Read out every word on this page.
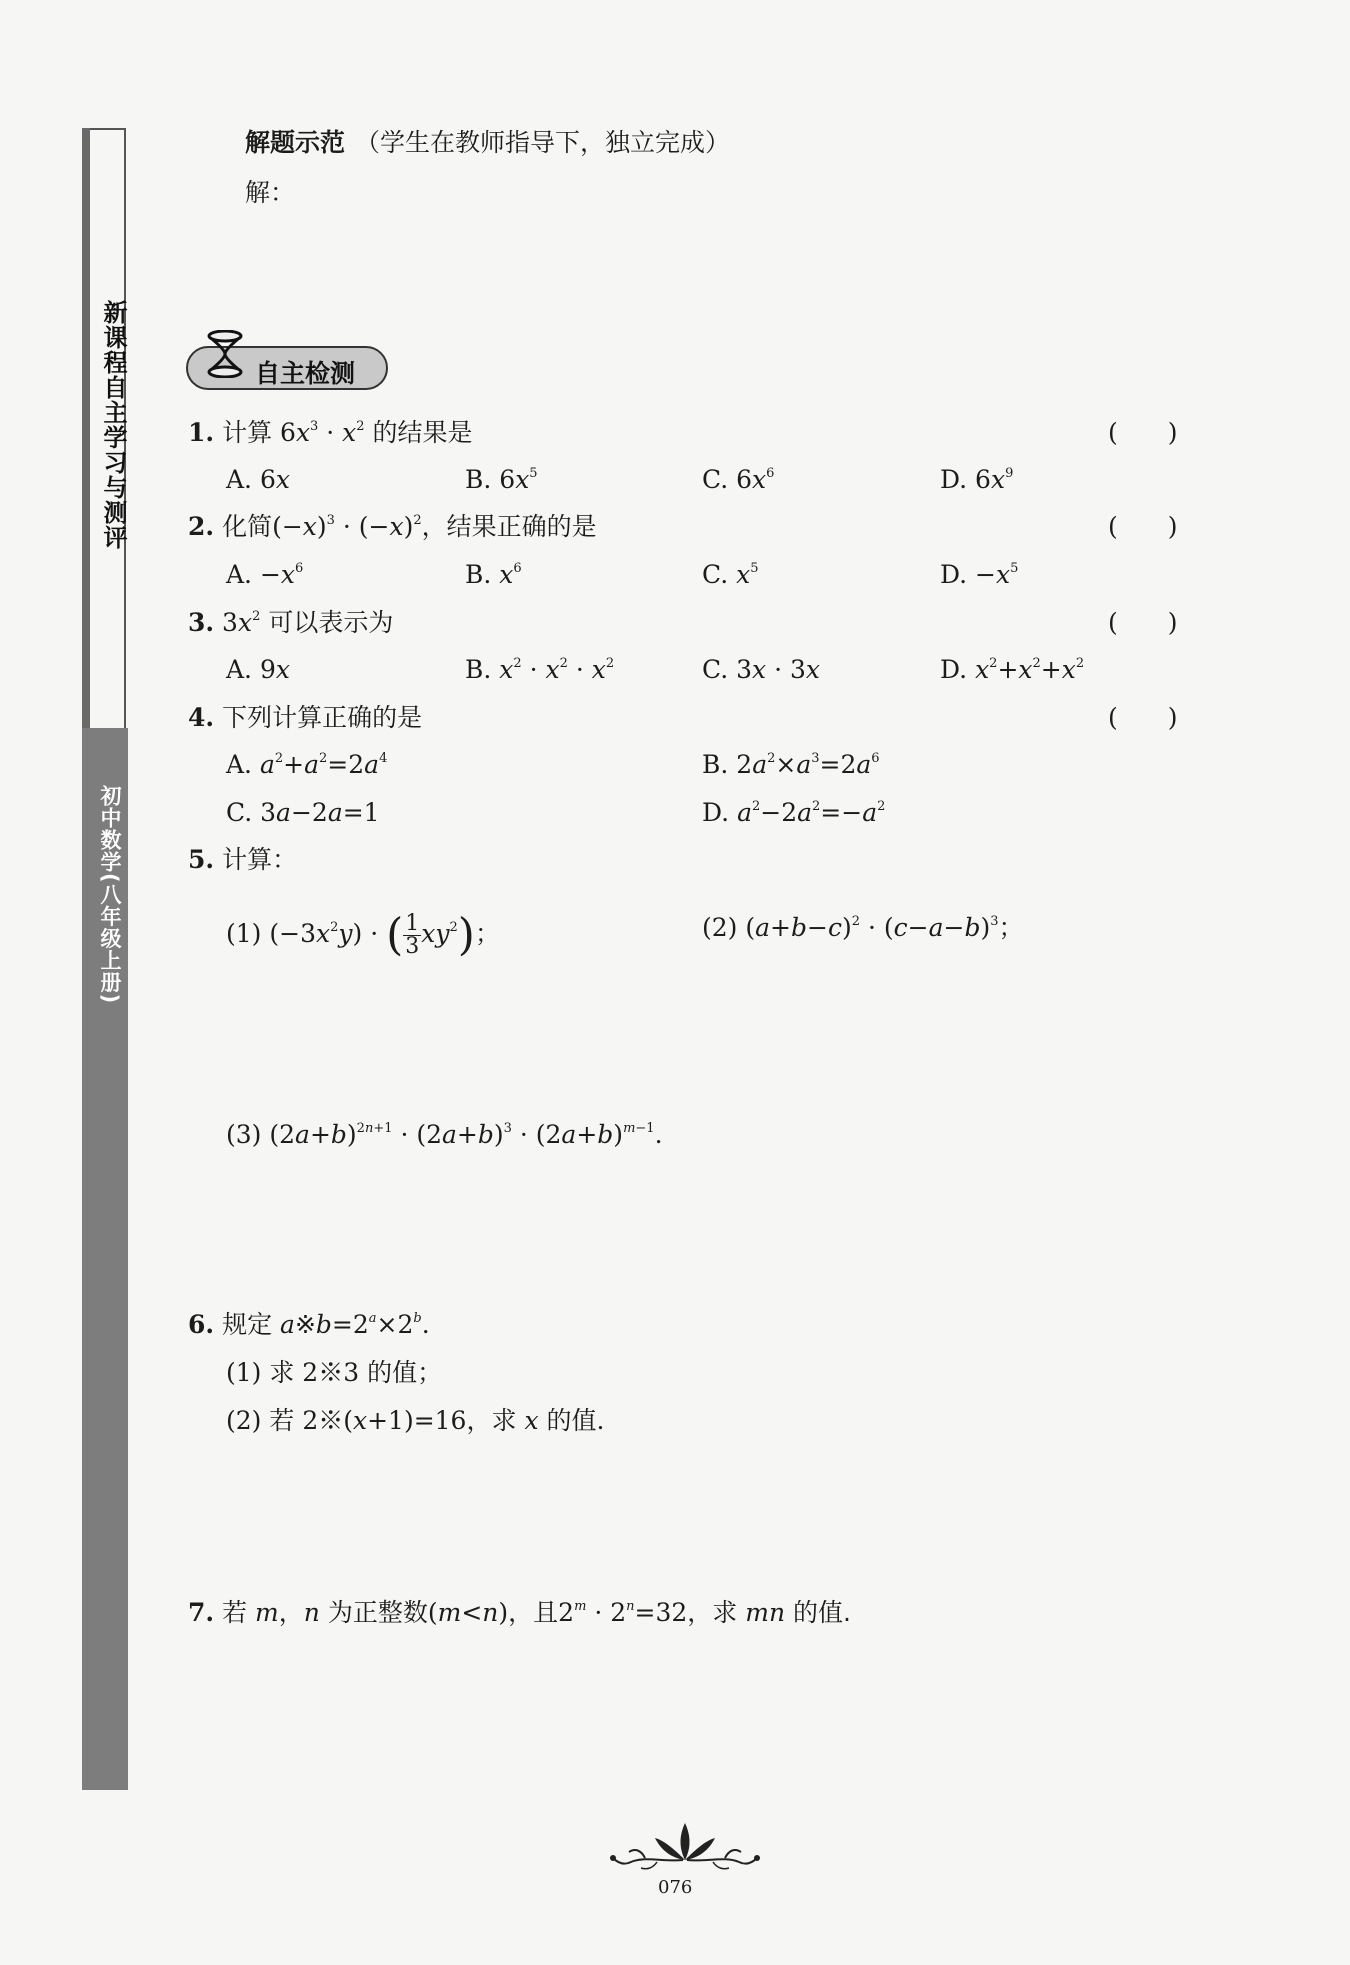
新课程自主学习与测评
初中数学(八年级上册)
解题示范 （学生在教师指导下，独立完成）
解：
自主检测
1. 计算 $6x^3 \cdot x^2$ 的结果是	(　　)
A. 6x	B. $6x^5$	C. $6x^6$	D. $6x^9$
2. 化简$(-x)^3 \cdot (-x)^2$，结果正确的是	(　　)
A. $-x^6$	B. $x^6$	C. $x^5$	D. $-x^5$
3. $3x^2$ 可以表示为	(　　)
A. 9x	B. $x^2 \cdot x^2 \cdot x^2$	C. 3x · 3x	D. $x^2+x^2+x^2$
4. 下列计算正确的是	(　　)
A. $a^2+a^2=2a^4$	B. $2a^2\times a^3=2a^6$
C. 3a−2a=1	D. $a^2-2a^2=-a^2$
5. 计算：
(1) $(-3x^2y)$ · ( $\frac{1}{3} xy^2$)；	(2) $(a+b-c)^2 \cdot (c-a-b)^3$；
(3) $(2a+b)^{2n+1} \cdot (2a+b)^3 \cdot (2a+b)^{m-1}$.
6. 规定 $a※b=2^a\times 2^b$.
(1) 求 2※3 的值；
(2) 若 2※(x+1)=16，求 x 的值.
7. 若 m，n 为正整数(m<n)，且$2^m \cdot 2^n=32$，求 mn 的值.
076
